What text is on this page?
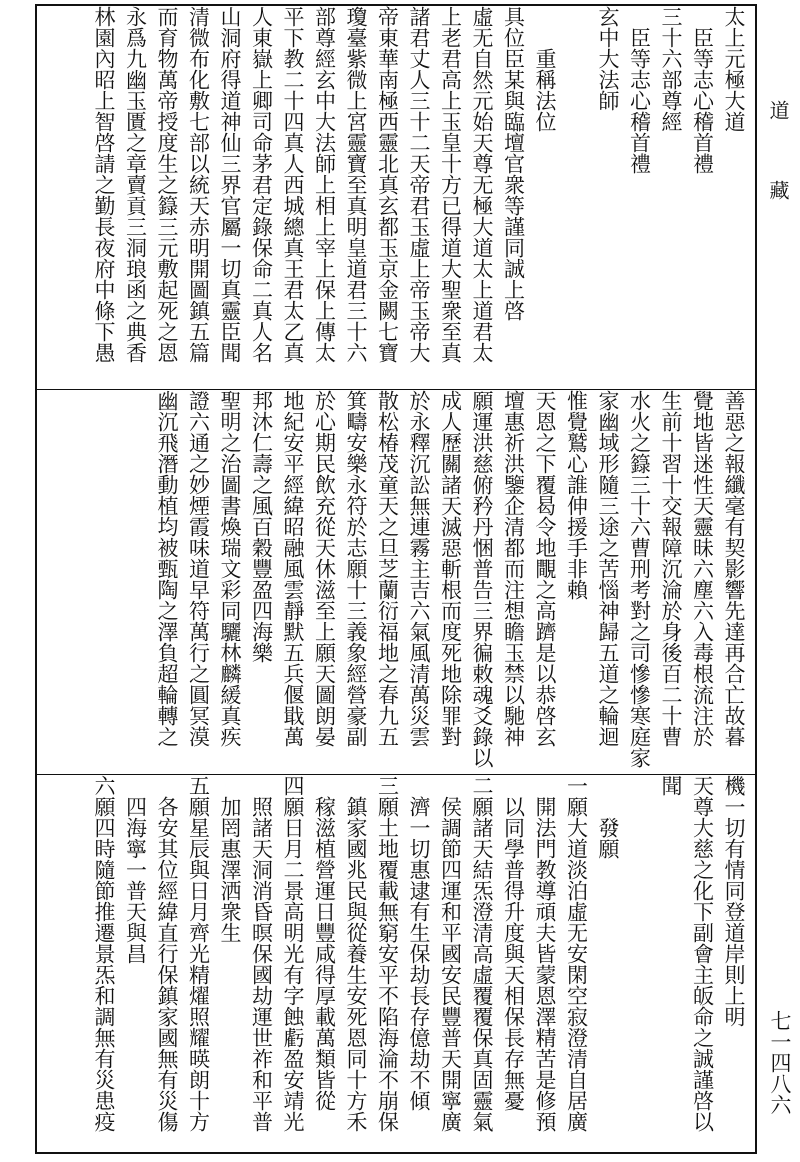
太上元極大道
　臣等志心稽首禮
三十六部尊經
　臣等志心稽首禮
玄中大法師
　　重稱法位
具位臣某與臨壇官衆等謹同誠上啓
虛无自然元始天尊无極大道太上道君太
上老君高上玉皇十方已得道大聖衆至真
諸君丈人三十二天帝君玉虛上帝玉帝大
帝東華南極西靈北真玄都玉京金闕七寶
瓊臺紫微上宮靈寶至真明皇道君三十六
部尊經玄中大法師上相上宰上保上傳太
平下教二十四真人西城總真王君太乙真
人東嶽上卿司命茅君定錄保命二真人名
山洞府得道神仙三界官屬一切真靈臣聞
清微布化敷七部以統天赤明開圖鎮五篇
而育物萬帝授度生之籙三元敷起死之恩
永爲九幽玉匱之章賣貢三洞琅函之典香
林園內昭上智啓請之勤長夜府中條下愚
善惡之報纖毫有契影響先達再合亡故暮
覺地皆迷性天靈昧六塵六入毒根流注於
生前十習十交報障沉淪於身後百二十曹
水火之籙三十六曹刑考對之司慘慘寒庭家
家幽域形隨三途之苦惱神歸五道之輪迴
惟覺鷲心誰伸援手非賴
天恩之下覆曷令地覸之高躋是以恭啓玄
壇惠祈洪鑒企清都而注想瞻玉禁以馳神
願運洪慈俯矜丹悃普告三界徧敕魂爻錄以
成人歷關諸天滅惡斬根而度死地除罪對
於永釋沉訟無連霧主吉六氣風清萬災雲
散松椿茂童天之旦芝蘭衍福地之春九五
箕疇安樂永符於志願十三義象經營豪副
於心期民飲充從天休滋至上願天圖朗晏
地紀安平經緯昭融風雲靜默五兵偃戢萬
邦沐仁壽之風百穀豐盈四海樂
聖明之治圖書煥瑞文彩同驪林麟緩真疾
證六通之妙煙霞味道早符萬行之圓冥漠
幽沉飛潛動植均被甄陶之澤負超輪轉之
機一切有情同登道岸則上明
天尊大慈之化下副會主皈命之誠謹啓以
聞
　　發願
一願大道淡泊虛无安閑空寂澄清自居廣
　開法門教導頑夫皆蒙恩澤精苦是修預
　以同學普得升度與天相保長存無憂
二願諸天結炁澄清高虛覆覆保真固靈氣
　侯調節四運和平國安民豐普天開寧廣
　濟一切惠逮有生保劫長存億劫不傾
三願土地覆載無窮安平不陷海淪不崩保
　鎮家國兆民與從養生安死恩同十方禾
　稼滋植營運日豐咸得厚載萬類皆從
四願日月二景高明光有字蝕虧盈安靖光
　照諸天洞消昏暝保國劫運世祚和平普
　加罔惠澤洒衆生
五願星辰與日月齊光精燿照耀暎朗十方
　各安其位經緯直行保鎮家國無有災傷
　四海寧一普天與昌
六願四時隨節推遷景炁和調無有災患疫
道
藏
七一四八六
